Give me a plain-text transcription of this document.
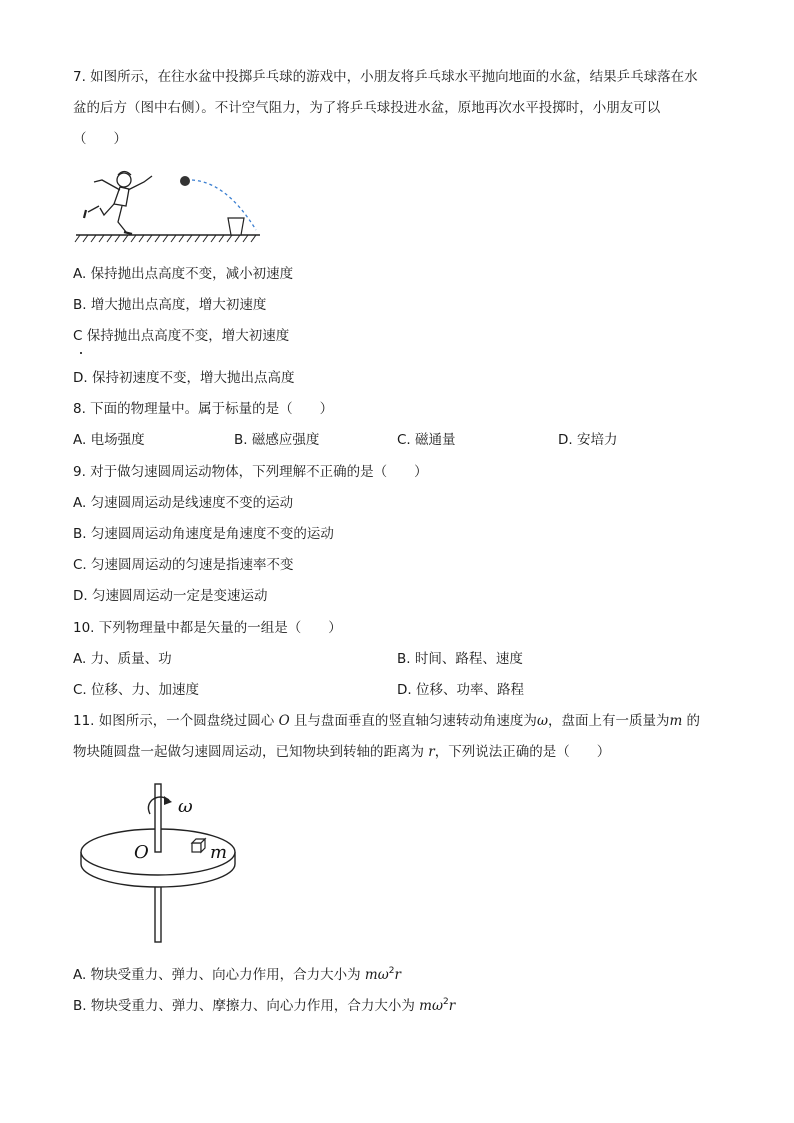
7. 如图所示，在往水盆中投掷乒乓球的游戏中，小朋友将乒乓球水平抛向地面的水盆，结果乒乓球落在水
盆的后方（图中右侧）。不计空气阻力，为了将乒乓球投进水盆，原地再次水平投掷时，小朋友可以
（　　）
A. 保持抛出点高度不变，减小初速度
B. 增大抛出点高度，增大初速度
C 保持抛出点高度不变，增大初速度
D. 保持初速度不变，增大抛出点高度
8. 下面的物理量中。属于标量的是（　　）
A. 电场强度	B. 磁感应强度	C. 磁通量	D. 安培力
9. 对于做匀速圆周运动物体，下列理解不正确的是（　　）
A. 匀速圆周运动是线速度不变的运动
B. 匀速圆周运动角速度是角速度不变的运动
C. 匀速圆周运动的匀速是指速率不变
D. 匀速圆周运动一定是变速运动
10. 下列物理量中都是矢量的一组是（　　）
A. 力、质量、功	B. 时间、路程、速度
C. 位移、力、加速度	D. 位移、功率、路程
11. 如图所示，一个圆盘绕过圆心 O 且与盘面垂直的竖直轴匀速转动角速度为ω，盘面上有一质量为m 的
物块随圆盘一起做匀速圆周运动，已知物块到转轴的距离为 r，下列说法正确的是（　　）
ω
O	m
A. 物块受重力、弹力、向心力作用，合力大小为 $m\omega^2r$
B. 物块受重力、弹力、摩擦力、向心力作用，合力大小为 $m\omega^2r$
